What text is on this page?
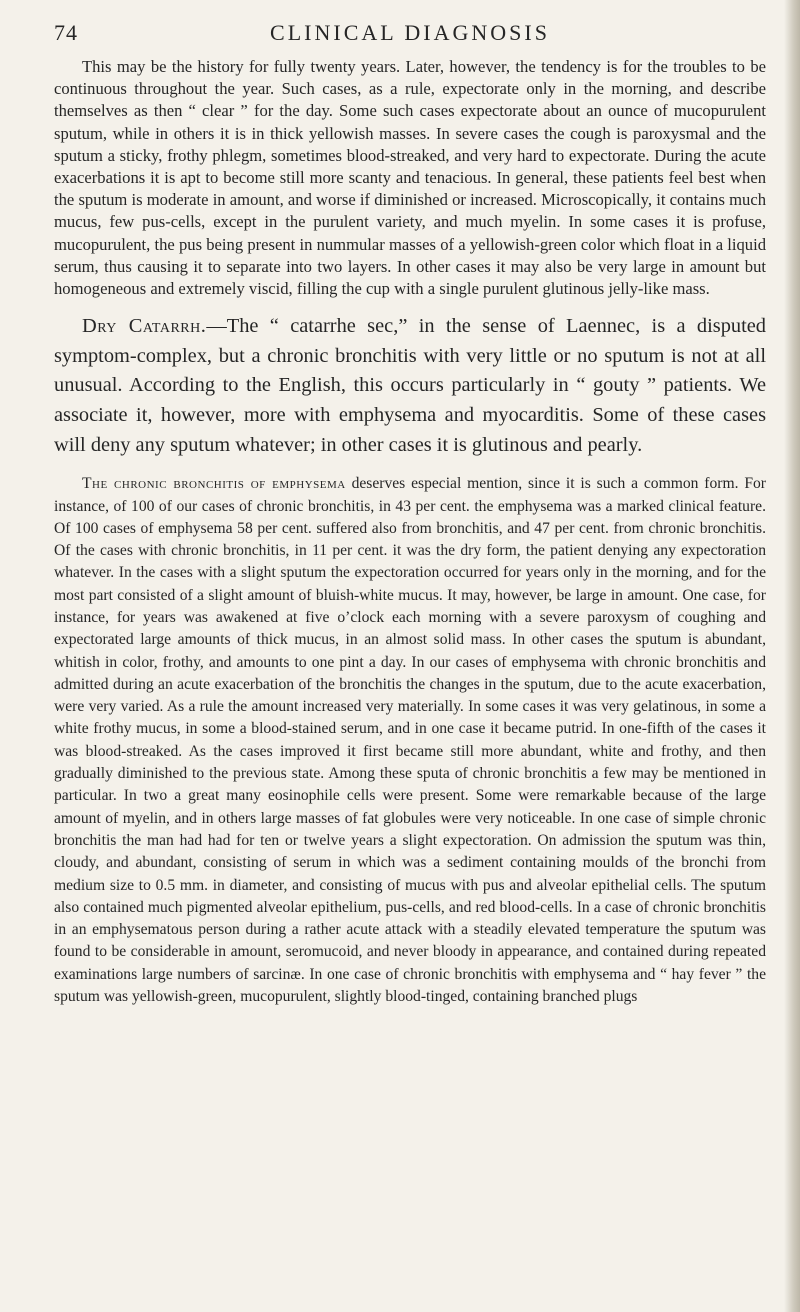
74	CLINICAL DIAGNOSIS

This may be the history for fully twenty years. Later, however, the tendency is for the troubles to be continuous throughout the year. Such cases, as a rule, expectorate only in the morning, and describe themselves as then “ clear ” for the day. Some such cases expectorate about an ounce of mucopurulent sputum, while in others it is in thick yellowish masses. In severe cases the cough is paroxysmal and the sputum a sticky, frothy phlegm, sometimes blood-streaked, and very hard to expectorate. During the acute exacerbations it is apt to become still more scanty and tenacious. In general, these patients feel best when the sputum is moderate in amount, and worse if diminished or increased. Microscopically, it contains much mucus, few pus-cells, except in the purulent variety, and much myelin. In some cases it is profuse, mucopurulent, the pus being present in nummular masses of a yellowish-green color which float in a liquid serum, thus causing it to separate into two layers. In other cases it may also be very large in amount but homogeneous and extremely viscid, filling the cup with a single purulent glutinous jelly-like mass.

Dry Catarrh.—The “ catarrhe sec,” in the sense of Laennec, is a disputed symptom-complex, but a chronic bronchitis with very little or no sputum is not at all unusual. According to the English, this occurs particularly in “ gouty ” patients. We associate it, however, more with emphysema and myocarditis. Some of these cases will deny any sputum whatever; in other cases it is glutinous and pearly.

The chronic bronchitis of emphysema deserves especial mention, since it is such a common form. For instance, of 100 of our cases of chronic bronchitis, in 43 per cent. the emphysema was a marked clinical feature. Of 100 cases of emphysema 58 per cent. suffered also from bronchitis, and 47 per cent. from chronic bronchitis. Of the cases with chronic bronchitis, in 11 per cent. it was the dry form, the patient denying any expectoration whatever. In the cases with a slight sputum the expectoration occurred for years only in the morning, and for the most part consisted of a slight amount of bluish-white mucus. It may, however, be large in amount. One case, for instance, for years was awakened at five o’clock each morning with a severe paroxysm of coughing and expectorated large amounts of thick mucus, in an almost solid mass. In other cases the sputum is abundant, whitish in color, frothy, and amounts to one pint a day. In our cases of emphysema with chronic bronchitis and admitted during an acute exacerbation of the bronchitis the changes in the sputum, due to the acute exacerbation, were very varied. As a rule the amount increased very materially. In some cases it was very gelatinous, in some a white frothy mucus, in some a blood-stained serum, and in one case it became putrid. In one-fifth of the cases it was blood-streaked. As the cases improved it first became still more abundant, white and frothy, and then gradually diminished to the previous state. Among these sputa of chronic bronchitis a few may be mentioned in particular. In two a great many eosinophile cells were present. Some were remarkable because of the large amount of myelin, and in others large masses of fat globules were very noticeable. In one case of simple chronic bronchitis the man had had for ten or twelve years a slight expectoration. On admission the sputum was thin, cloudy, and abundant, consisting of serum in which was a sediment containing moulds of the bronchi from medium size to 0.5 mm. in diameter, and consisting of mucus with pus and alveolar epithelial cells. The sputum also contained much pigmented alveolar epithelium, pus-cells, and red blood-cells. In a case of chronic bronchitis in an emphysematous person during a rather acute attack with a steadily elevated temperature the sputum was found to be considerable in amount, seromucoid, and never bloody in appearance, and contained during repeated examinations large numbers of sarcinæ. In one case of chronic bronchitis with emphysema and “ hay fever ” the sputum was yellowish-green, mucopurulent, slightly blood-tinged, containing branched plugs
